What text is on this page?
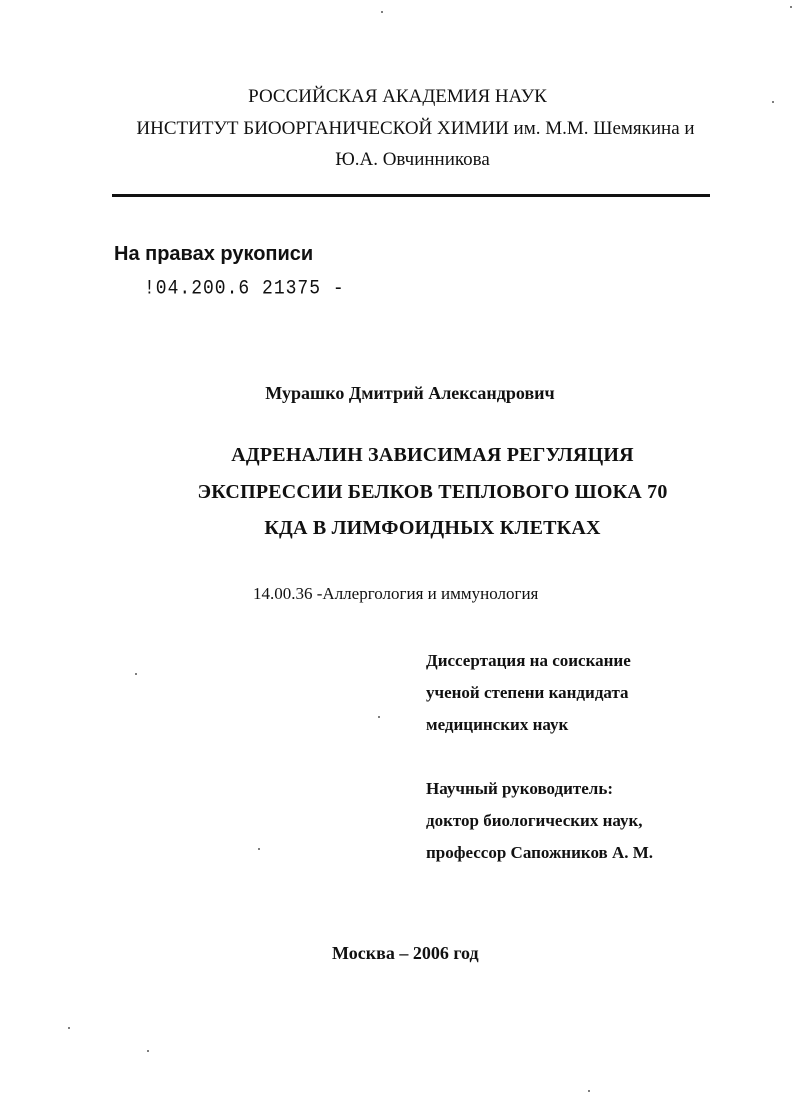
РОССИЙСКАЯ АКАДЕМИЯ НАУК
ИНСТИТУТ БИООРГАНИЧЕСКОЙ ХИМИИ им. М.М. Шемякина и
Ю.А. Овчинникова
На правах рукописи
!04.200.6 21375 -
Мурашко Дмитрий Александрович
АДРЕНАЛИН ЗАВИСИМАЯ РЕГУЛЯЦИЯ
ЭКСПРЕССИИ БЕЛКОВ ТЕПЛОВОГО ШОКА 70
КДА В ЛИМФОИДНЫХ КЛЕТКАХ
14.00.36 -Аллергология и иммунология
Диссертация на соискание
ученой степени кандидата
медицинских наук
Научный руководитель:
доктор биологических наук,
профессор Сапожников А. М.
Москва – 2006 год
